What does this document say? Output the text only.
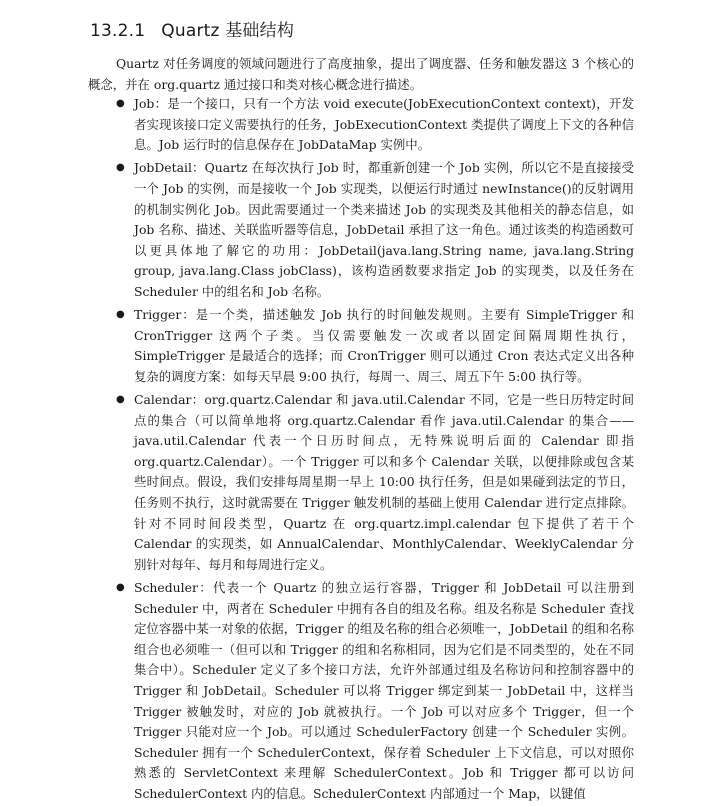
13.2.1 Quartz 基础结构

Quartz 对任务调度的领域问题进行了高度抽象，提出了调度器、任务和触发器这 3 个核心的概念，并在 org.quartz 通过接口和类对核心概念进行描述。

● Job：是一个接口，只有一个方法 void execute(JobExecutionContext context)，开发者实现该接口定义需要执行的任务，JobExecutionContext 类提供了调度上下文的各种信息。Job 运行时的信息保存在 JobDataMap 实例中。
● JobDetail：Quartz 在每次执行 Job 时，都重新创建一个 Job 实例，所以它不是直接接受一个 Job 的实例，而是接收一个 Job 实现类，以便运行时通过 newInstance()的反射调用的机制实例化 Job。因此需要通过一个类来描述 Job 的实现类及其他相关的静态信息，如 Job 名称、描述、关联监听器等信息，JobDetail 承担了这一角色。通过该类的构造函数可以更具体地了解它的功用：JobDetail(java.lang.String name, java.lang.String group, java.lang.Class jobClass)，该构造函数要求指定 Job 的实现类，以及任务在 Scheduler 中的组名和 Job 名称。
● Trigger：是一个类，描述触发 Job 执行的时间触发规则。主要有 SimpleTrigger 和 CronTrigger 这两个子类。当仅需要触发一次或者以固定间隔周期性执行，SimpleTrigger 是最适合的选择；而 CronTrigger 则可以通过 Cron 表达式定义出各种复杂的调度方案：如每天早晨 9:00 执行，每周一、周三、周五下午 5:00 执行等。
● Calendar：org.quartz.Calendar 和 java.util.Calendar 不同，它是一些日历特定时间点的集合（可以简单地将 org.quartz.Calendar 看作 java.util.Calendar 的集合——java.util.Calendar 代表一个日历时间点，无特殊说明后面的 Calendar 即指 org.quartz.Calendar）。一个 Trigger 可以和多个 Calendar 关联，以便排除或包含某些时间点。假设，我们安排每周星期一早上 10:00 执行任务，但是如果碰到法定的节日，任务则不执行，这时就需要在 Trigger 触发机制的基础上使用 Calendar 进行定点排除。针对不同时间段类型，Quartz 在 org.quartz.impl.calendar 包下提供了若干个 Calendar 的实现类，如 AnnualCalendar、MonthlyCalendar、WeeklyCalendar 分别针对每年、每月和每周进行定义。
● Scheduler：代表一个 Quartz 的独立运行容器，Trigger 和 JobDetail 可以注册到 Scheduler 中，两者在 Scheduler 中拥有各自的组及名称。组及名称是 Scheduler 查找定位容器中某一对象的依据，Trigger 的组及名称的组合必须唯一，JobDetail 的组和名称组合也必须唯一（但可以和 Trigger 的组和名称相同，因为它们是不同类型的，处在不同集合中）。Scheduler 定义了多个接口方法，允许外部通过组及名称访问和控制容器中的 Trigger 和 JobDetail。Scheduler 可以将 Trigger 绑定到某一 JobDetail 中，这样当 Trigger 被触发时，对应的 Job 就被执行。一个 Job 可以对应多个 Trigger，但一个 Trigger 只能对应一个 Job。可以通过 SchedulerFactory 创建一个 Scheduler 实例。Scheduler 拥有一个 SchedulerContext，保存着 Scheduler 上下文信息，可以对照你熟悉的 ServletContext 来理解 SchedulerContext。Job 和 Trigger 都可以访问 SchedulerContext 内的信息。SchedulerContext 内部通过一个 Map，以键值
